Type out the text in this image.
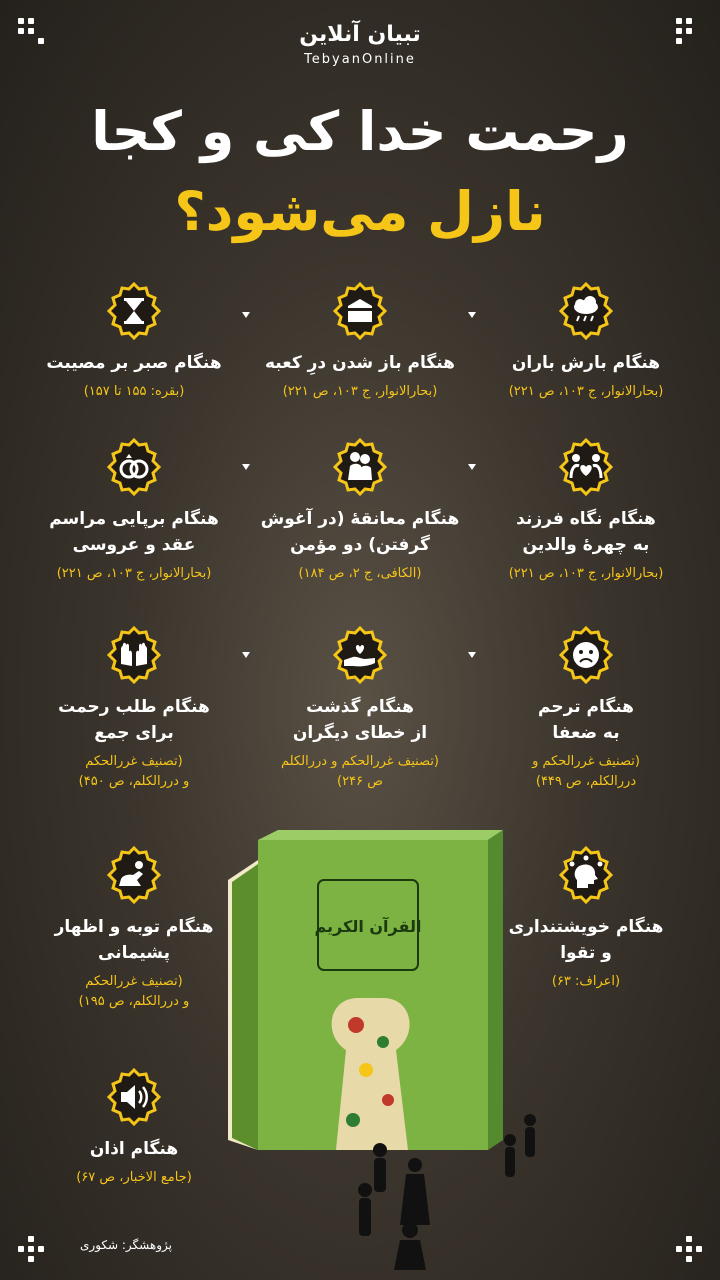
تبیان آنلاین
TebyanOnline
رحمت خدا کی و کجا
نازل می‌شود؟
هنگام بارش باران
(بحارالانوار، ج ۱۰۳، ص ۲۲۱)
هنگام باز شدن درِ کعبه
(بحارالانوار، ج ۱۰۳، ص ۲۲۱)
هنگام صبر بر مصیبت
(بقره: ۱۵۵ تا ۱۵۷)
هنگام نگاه فرزند
به چهرهٔ والدین
(بحارالانوار، ج ۱۰۳، ص ۲۲۱)
هنگام معانقهٔ (در آغوش
گرفتن) دو مؤمن
(الکافی، ج ۲، ص ۱۸۴)
هنگام برپایی مراسم
عقد و عروسی
(بحارالانوار، ج ۱۰۳، ص ۲۲۱)
هنگام ترحم
به ضعفا
(تصنیف غررالحکم و
دررالکلم، ص ۴۴۹)
هنگام گذشت
از خطای دیگران
(تصنیف غررالحکم و دررالکلم
ص ۲۴۶)
هنگام طلب رحمت
برای جمع
(تصنیف غررالحکم
و دررالکلم، ص ۴۵۰)
هنگام خویشتنداری
و تقوا
(اعراف: ۶۳)
هنگام توبه و اظهار
پشیمانی
(تصنیف غررالحکم
و دررالکلم، ص ۱۹۵)
هنگام اذان
(جامع الاخبار، ص ۶۷)
القرآن الکریم
پژوهشگر: شکوری
